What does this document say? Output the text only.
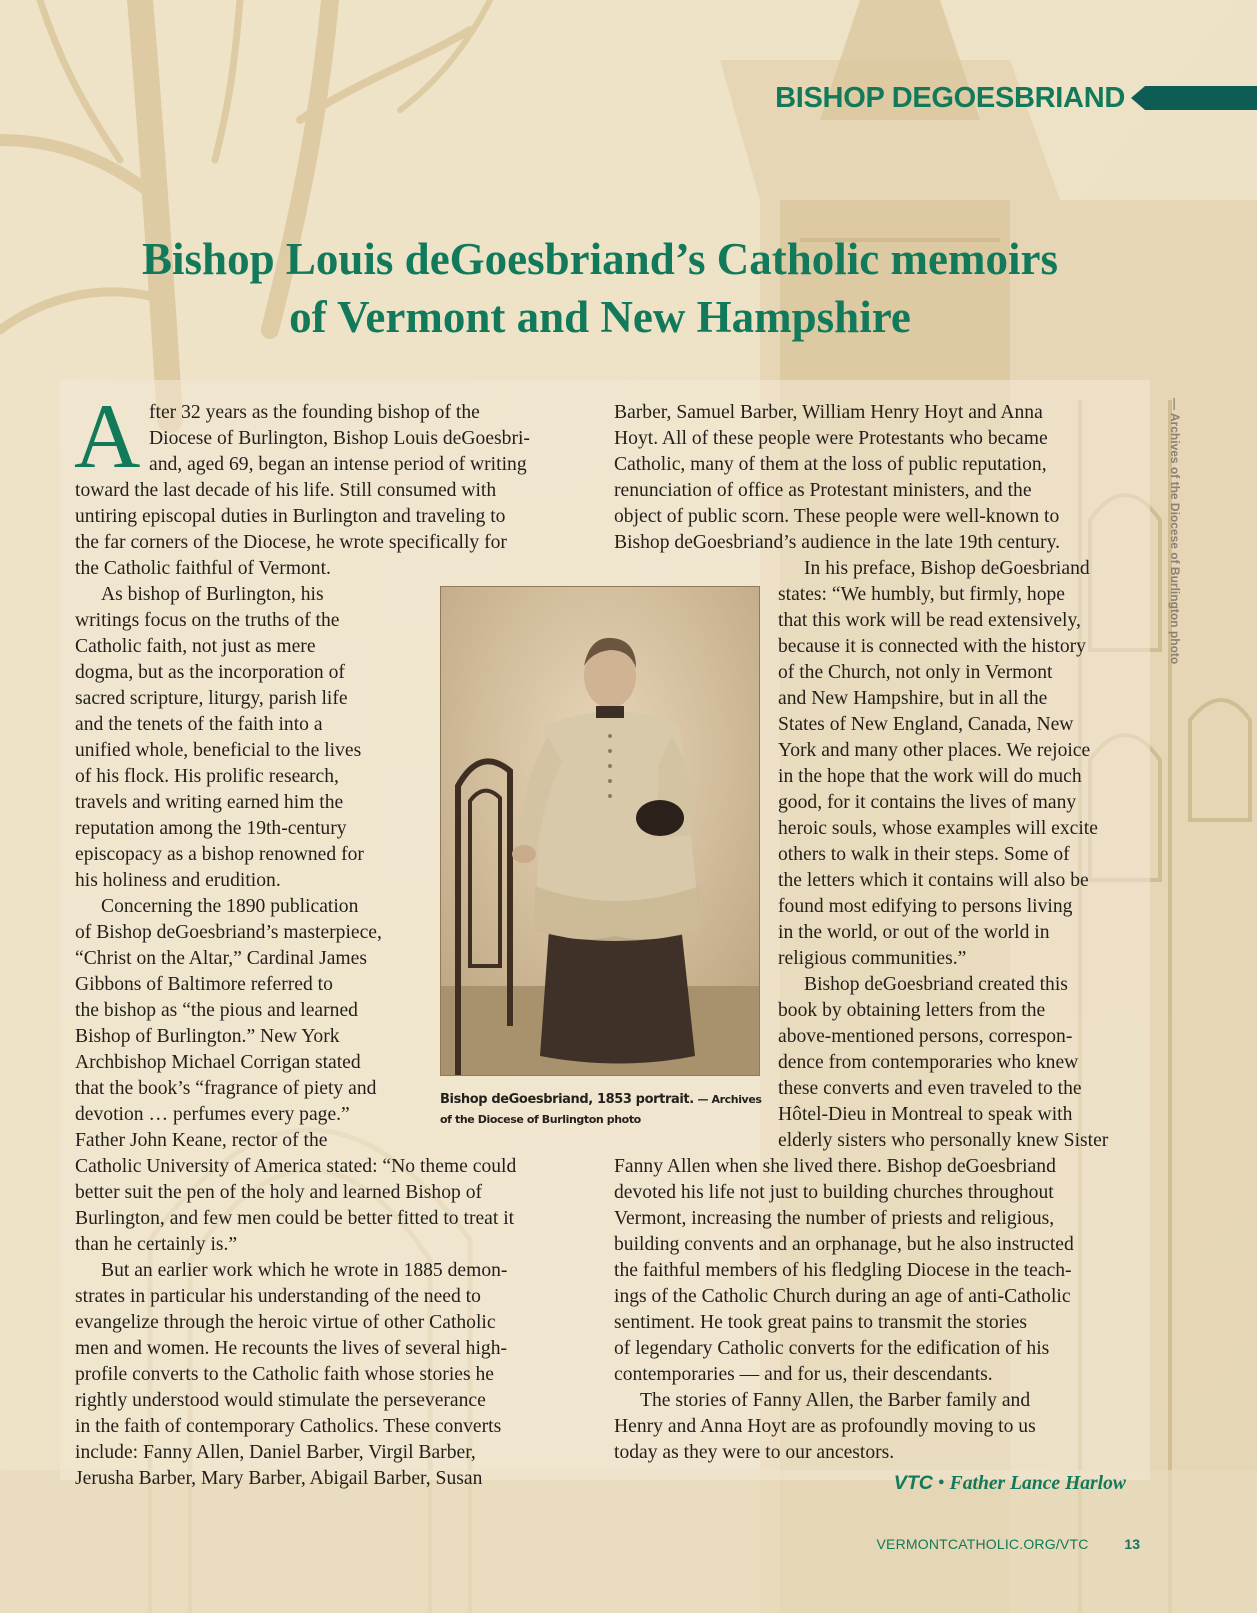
BISHOP DEGOESBRIAND
Bishop Louis deGoesbriand’s Catholic memoirs
of Vermont and New Hampshire
— Archives of the Diocese of Burlington photo
A fter 32 years as the founding bishop of the
Diocese of Burlington, Bishop Louis deGoesbri-
and, aged 69, began an intense period of writing
toward the last decade of his life. Still consumed with
untiring episcopal duties in Burlington and traveling to
the far corners of the Diocese, he wrote specifically for
the Catholic faithful of Vermont.
As bishop of Burlington, his
writings focus on the truths of the
Catholic faith, not just as mere
dogma, but as the incorporation of
sacred scripture, liturgy, parish life
and the tenets of the faith into a
unified whole, beneficial to the lives
of his flock. His prolific research,
travels and writing earned him the
reputation among the 19th-century
episcopacy as a bishop renowned for
his holiness and erudition.
Concerning the 1890 publication
of Bishop deGoesbriand’s masterpiece,
“Christ on the Altar,” Cardinal James
Gibbons of Baltimore referred to
the bishop as “the pious and learned
Bishop of Burlington.” New York
Archbishop Michael Corrigan stated
that the book’s “fragrance of piety and
devotion … perfumes every page.”
Father John Keane, rector of the
Catholic University of America stated: “No theme could
better suit the pen of the holy and learned Bishop of
Burlington, and few men could be better fitted to treat it
than he certainly is.”
But an earlier work which he wrote in 1885 demon-
strates in particular his understanding of the need to
evangelize through the heroic virtue of other Catholic
men and women. He recounts the lives of several high-
profile converts to the Catholic faith whose stories he
rightly understood would stimulate the perseverance
in the faith of contemporary Catholics. These converts
include: Fanny Allen, Daniel Barber, Virgil Barber,
Jerusha Barber, Mary Barber, Abigail Barber, Susan
Barber, Samuel Barber, William Henry Hoyt and Anna
Hoyt. All of these people were Protestants who became
Catholic, many of them at the loss of public reputation,
renunciation of office as Protestant ministers, and the
object of public scorn. These people were well-known to
Bishop deGoesbriand’s audience in the late 19th century.
In his preface, Bishop deGoesbriand
states: “We humbly, but firmly, hope
that this work will be read extensively,
because it is connected with the history
of the Church, not only in Vermont
and New Hampshire, but in all the
States of New England, Canada, New
York and many other places. We rejoice
in the hope that the work will do much
good, for it contains the lives of many
heroic souls, whose examples will excite
others to walk in their steps. Some of
the letters which it contains will also be
found most edifying to persons living
in the world, or out of the world in
religious communities.”
Bishop deGoesbriand created this
book by obtaining letters from the
above-mentioned persons, correspon-
dence from contemporaries who knew
these converts and even traveled to the
Hôtel-Dieu in Montreal to speak with
elderly sisters who personally knew Sister
Fanny Allen when she lived there. Bishop deGoesbriand
devoted his life not just to building churches throughout
Vermont, increasing the number of priests and religious,
building convents and an orphanage, but he also instructed
the faithful members of his fledgling Diocese in the teach-
ings of the Catholic Church during an age of anti-Catholic
sentiment. He took great pains to transmit the stories
of legendary Catholic converts for the edification of his
contemporaries — and for us, their descendants.
The stories of Fanny Allen, the Barber family and
Henry and Anna Hoyt are as profoundly moving to us
today as they were to our ancestors.
Bishop deGoesbriand, 1853 portrait. — Archives of the Diocese of Burlington photo
VTC • Father Lance Harlow
VERMONTCATHOLIC.ORG/VTC	13
